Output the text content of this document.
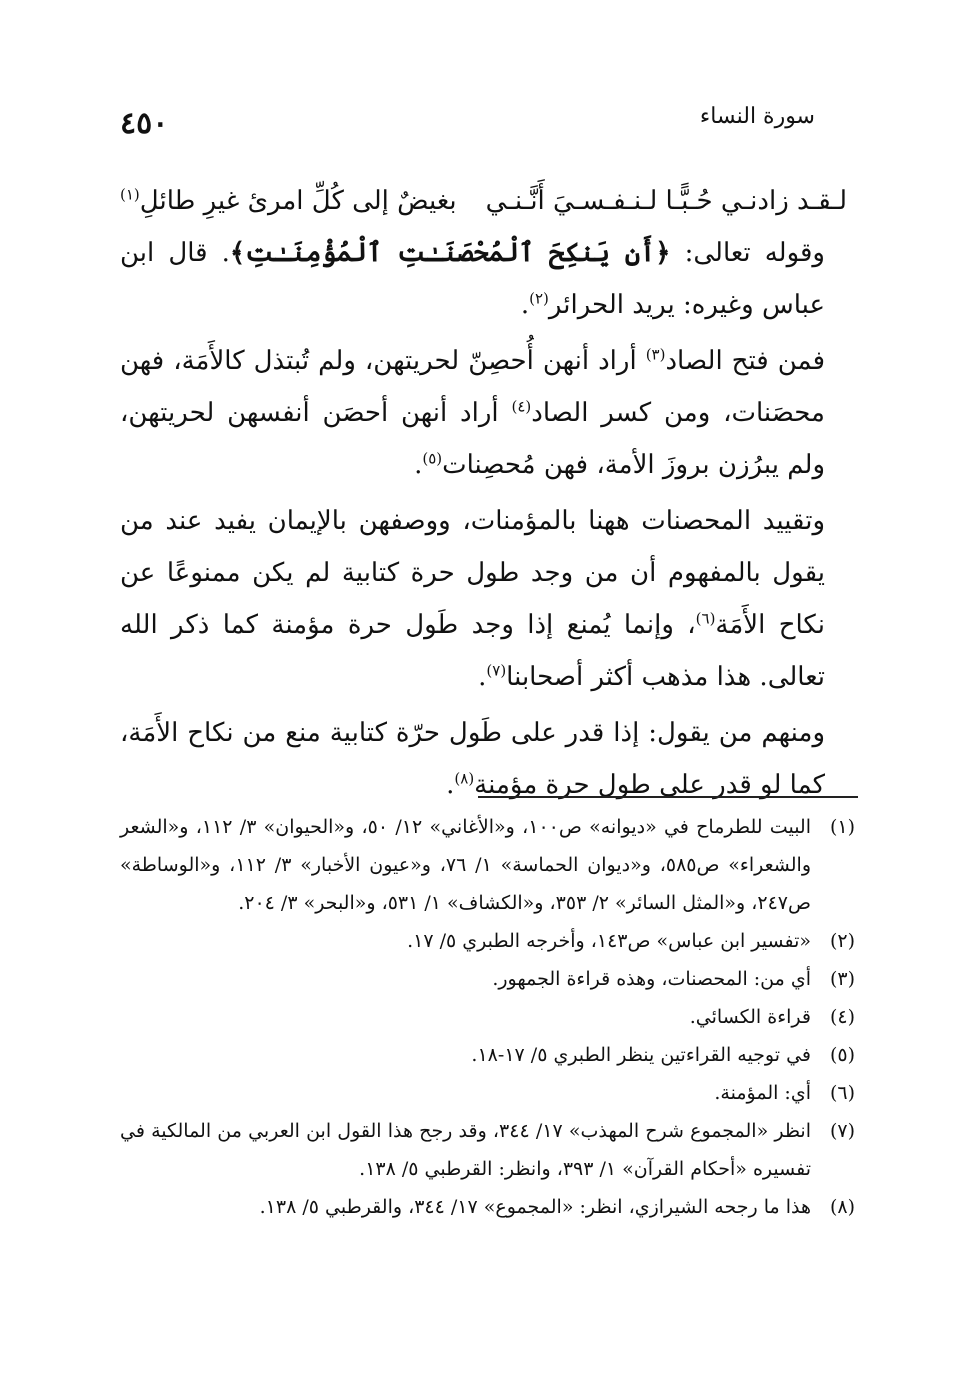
سورة النساء
٤٥٠
لـقـد زادنـي حُـبًّـا لـنـفـسـيَ أَنَّـنـي
بغيضٌ إلى كُلِّ امرئ غيرِ طائلِ$^{(١)}$

وقوله تعالى: ﴿أَن يَنكِحَ ٱلْمُحْصَنَـٰتِ ٱلْمُؤْمِنَـٰتِ﴾. قال ابن عباس وغيره: يريد الحرائر$^{(٢)}$.

فمن فتح الصاد$^{(٣)}$ أراد أنهن أُحصِنّ لحريتهن، ولم تُبتذل كالأَمَة، فهن محصَنات، ومن كسر الصاد$^{(٤)}$ أراد أنهن أحصَن أنفسهن لحريتهن، ولم يبرُزن بروزَ الأمة، فهن مُحصِنات$^{(٥)}$.

وتقييد المحصنات ههنا بالمؤمنات، ووصفهن بالإيمان يفيد عند من يقول بالمفهوم أن من وجد طول حرة كتابية لم يكن ممنوعًا عن نكاح الأَمَة$^{(٦)}$، وإنما يُمنع إذا وجد طَول حرة مؤمنة كما ذكر الله تعالى. هذا مذهب أكثر أصحابنا$^{(٧)}$.

ومنهم من يقول: إذا قدر على طَول حرّة كتابية منع من نكاح الأَمَة، كما لو قدر على طول حرة مؤمنة$^{(٨)}$.

(١)
البيت للطرماح في «ديوانه» ص١٠٠، و«الأغاني» ١٢/ ٥٠، و«الحيوان» ٣/ ١١٢، و«الشعر والشعراء» ص٥٨٥، و«ديوان الحماسة» ١/ ٧٦، و«عيون الأخبار» ٣/ ١١٢، و«الوساطة» ص٢٤٧، و«المثل السائر» ٢/ ٣٥٣، و«الكشاف» ١/ ٥٣١، و«البحر» ٣/ ٢٠٤.
(٢)
«تفسير ابن عباس» ص١٤٣، وأخرجه الطبري ٥/ ١٧.
(٣)
أي من: المحصنات، وهذه قراءة الجمهور.
(٤)
قراءة الكسائي.
(٥)
في توجيه القراءتين ينظر الطبري ٥/ ١٧-١٨.
(٦)
أي: المؤمنة.
(٧)
انظر «المجموع شرح المهذب» ١٧/ ٣٤٤، وقد رجح هذا القول ابن العربي من المالكية في تفسيره «أحكام القرآن» ١/ ٣٩٣، وانظر: القرطبي ٥/ ١٣٨.
(٨)
هذا ما رجحه الشيرازي، انظر: «المجموع» ١٧/ ٣٤٤، والقرطبي ٥/ ١٣٨.
